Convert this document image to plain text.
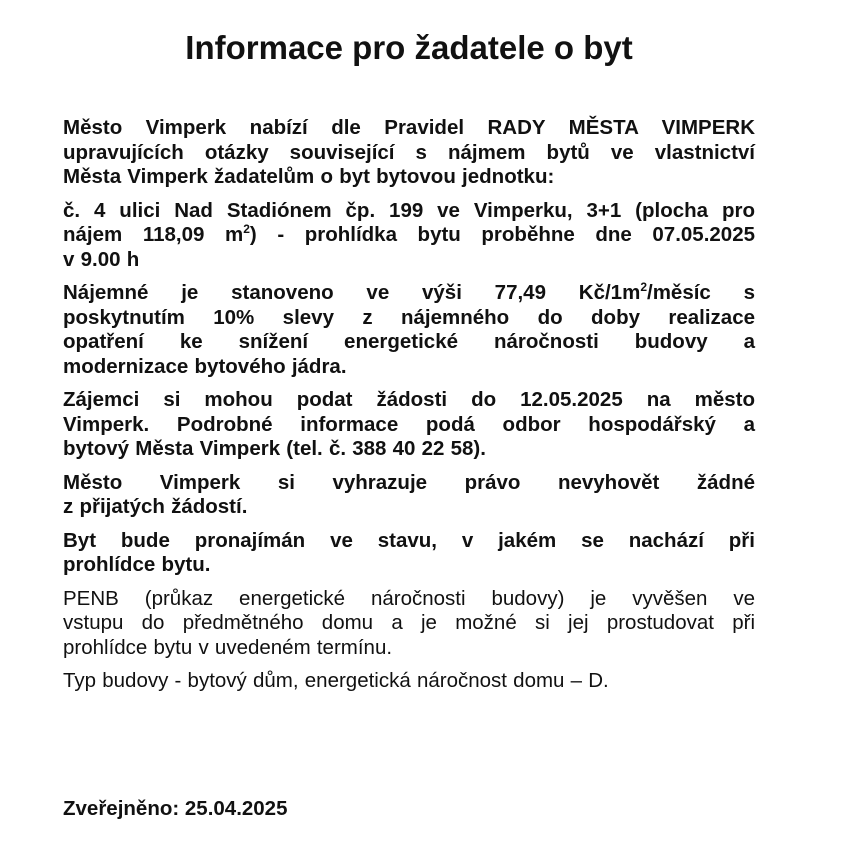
Informace pro žadatele o byt

Město Vimperk nabízí dle Pravidel RADY MĚSTA VIMPERK
upravujících otázky související s nájmem bytů ve vlastnictví
Města Vimperk žadatelům o byt bytovou jednotku:

č. 4 ulici Nad Stadiónem čp. 199 ve Vimperku, 3+1 (plocha pro
nájem 118,09 $m^2$) - prohlídka bytu proběhne dne 07.05.2025
v 9.00 h

Nájemné je stanoveno ve výši 77,49 $Kč/1m^2$/měsíc s
poskytnutím 10% slevy z nájemného do doby realizace
opatření ke snížení energetické náročnosti budovy a
modernizace bytového jádra.

Zájemci si mohou podat žádosti do 12.05.2025 na město
Vimperk. Podrobné informace podá odbor hospodářský a
bytový Města Vimperk (tel. č. 388 40 22 58).

Město Vimperk si vyhrazuje právo nevyhovět žádné
z přijatých žádostí.

Byt bude pronajímán ve stavu, v jakém se nachází při
prohlídce bytu.

PENB (průkaz energetické náročnosti budovy) je vyvěšen ve
vstupu do předmětného domu a je možné si jej prostudovat při
prohlídce bytu v uvedeném termínu.

Typ budovy - bytový dům, energetická náročnost domu – D.

Zveřejněno: 25.04.2025
